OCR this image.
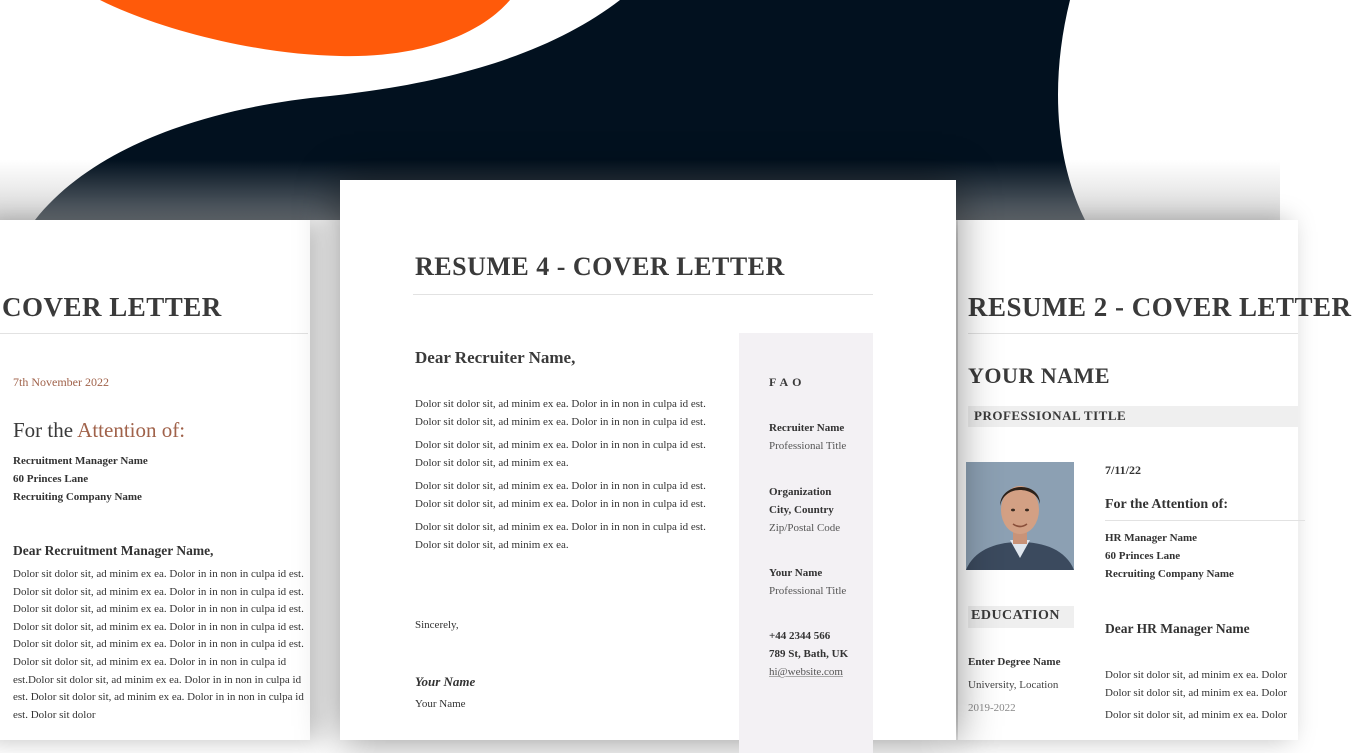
COVER LETTER
7th November 2022
For the Attention of:
Recruitment Manager Name
60 Princes Lane
Recruiting Company Name
Dear Recruitment Manager Name,
Dolor sit dolor sit, ad minim ex ea. Dolor in in non in culpa id est. Dolor sit dolor sit, ad minim ex ea. Dolor in in non in culpa id est. Dolor sit dolor sit, ad minim ex ea. Dolor in in non in culpa id est. Dolor sit dolor sit, ad minim ex ea. Dolor in in non in culpa id est. Dolor sit dolor sit, ad minim ex ea. Dolor in in non in culpa id est. Dolor sit dolor sit, ad minim ex ea. Dolor in in non in culpa id est.Dolor sit dolor sit, ad minim ex ea. Dolor in in non in culpa id est. Dolor sit dolor sit, ad minim ex ea. Dolor in in non in culpa id est. Dolor sit dolor
RESUME 2 - COVER LETTER
YOUR NAME
PROFESSIONAL TITLE
EDUCATION
Enter Degree Name
University, Location
2019-2022
7/11/22
For the Attention of:
HR Manager Name
60 Princes Lane
Recruiting Company Name
Dear HR Manager Name
Dolor sit dolor sit, ad minim ex ea. Dolor
Dolor sit dolor sit, ad minim ex ea. Dolor
Dolor sit dolor sit, ad minim ex ea. Dolor
RESUME 4 - COVER LETTER
Dear Recruiter Name,

Dolor sit dolor sit, ad minim ex ea. Dolor in in non in culpa id est. Dolor sit dolor sit, ad minim ex ea. Dolor in in non in culpa id est.

Dolor sit dolor sit, ad minim ex ea. Dolor in in non in culpa id est. Dolor sit dolor sit, ad minim ex ea.

Dolor sit dolor sit, ad minim ex ea. Dolor in in non in culpa id est. Dolor sit dolor sit, ad minim ex ea. Dolor in in non in culpa id est.

Dolor sit dolor sit, ad minim ex ea. Dolor in in non in culpa id est. Dolor sit dolor sit, ad minim ex ea.

Sincerely,
Your Name
Your Name
FAO
Recruiter Name
Professional Title
Organization
City, Country
Zip/Postal Code
Your Name
Professional Title
+44 2344 566
789 St, Bath, UK
hi@website.com
